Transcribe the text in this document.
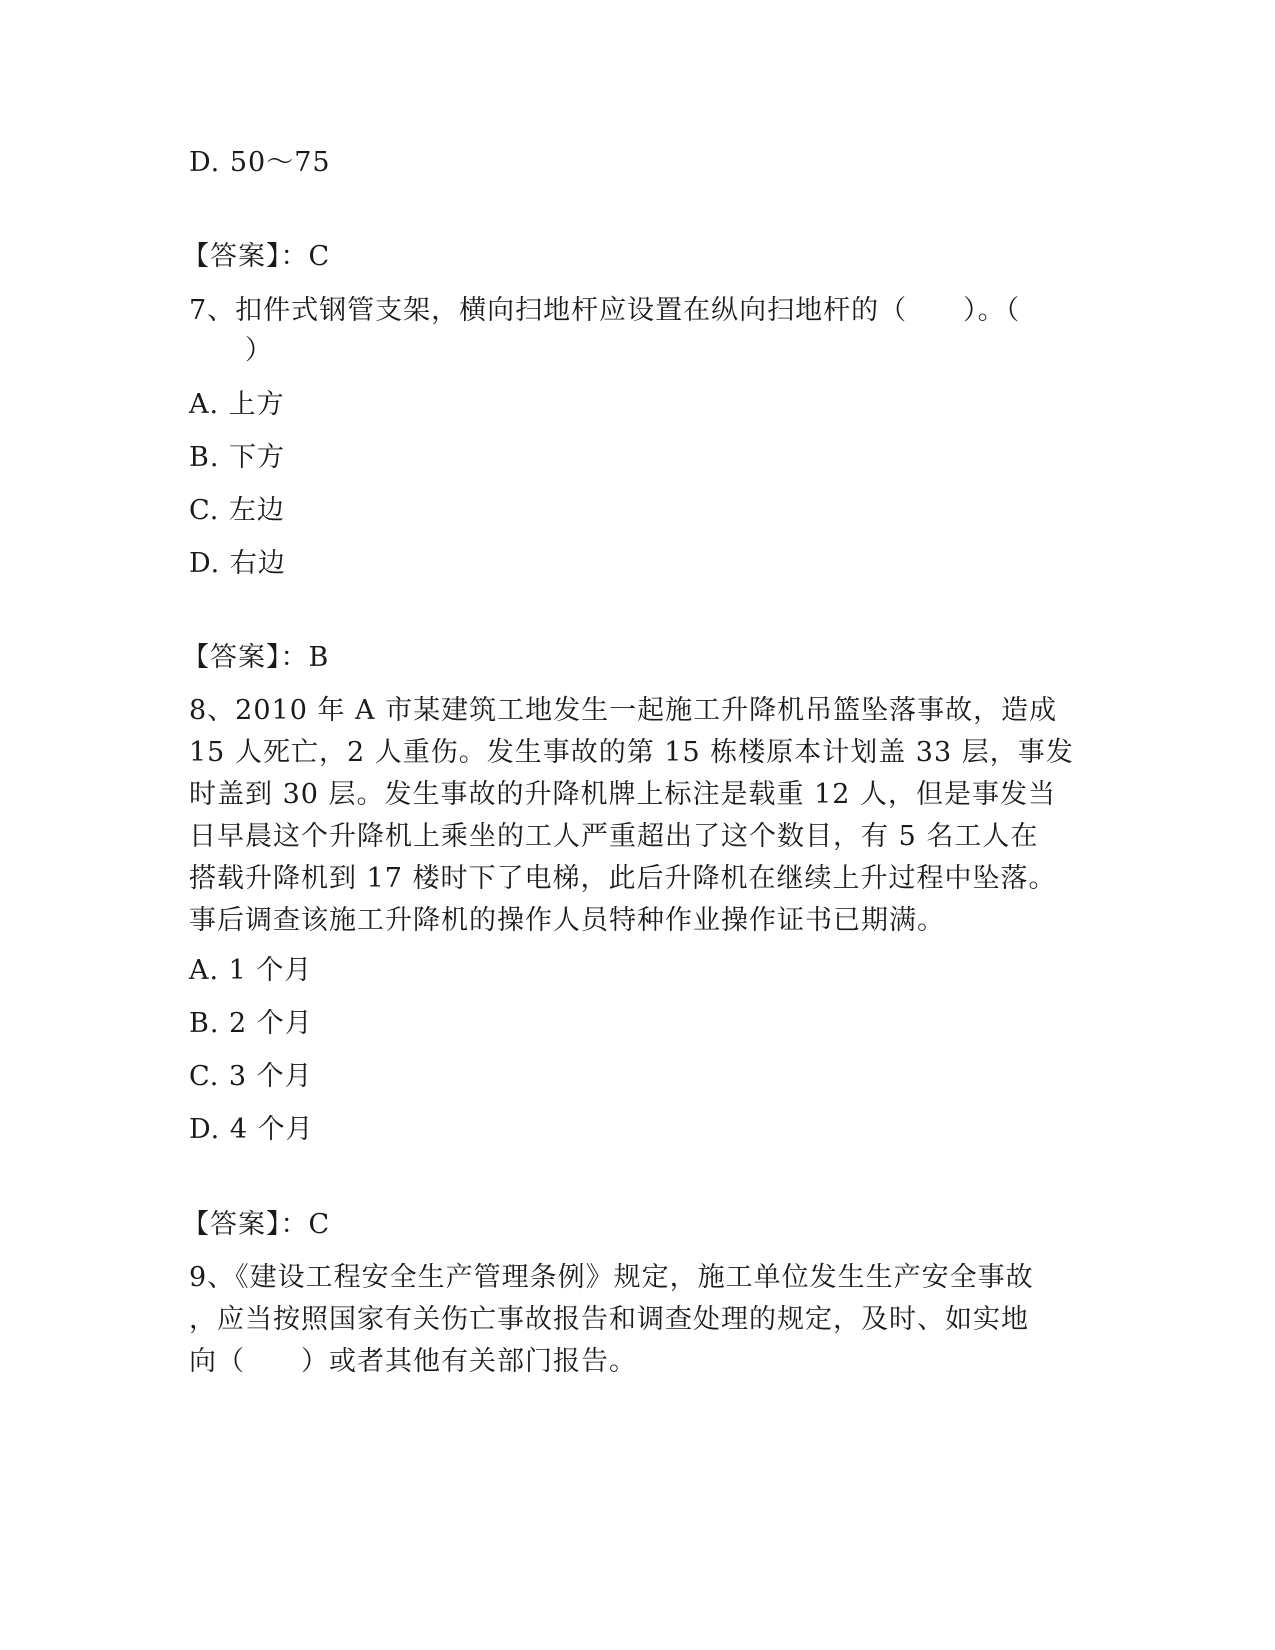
D. 50～75
【答案】：C
7、扣件式钢管支架，横向扫地杆应设置在纵向扫地杆的（　　）。（
　　）
A. 上方
B. 下方
C. 左边
D. 右边
【答案】：B
8、2010 年 A 市某建筑工地发生一起施工升降机吊篮坠落事故，造成
15 人死亡，2 人重伤。发生事故的第 15 栋楼原本计划盖 33 层，事发
时盖到 30 层。发生事故的升降机牌上标注是载重 12 人，但是事发当
日早晨这个升降机上乘坐的工人严重超出了这个数目，有 5 名工人在
搭载升降机到 17 楼时下了电梯，此后升降机在继续上升过程中坠落。
事后调查该施工升降机的操作人员特种作业操作证书已期满。
A. 1 个月
B. 2 个月
C. 3 个月
D. 4 个月
【答案】：C
9、《建设工程安全生产管理条例》规定，施工单位发生生产安全事故
，应当按照国家有关伤亡事故报告和调查处理的规定，及时、如实地
向（　　）或者其他有关部门报告。
